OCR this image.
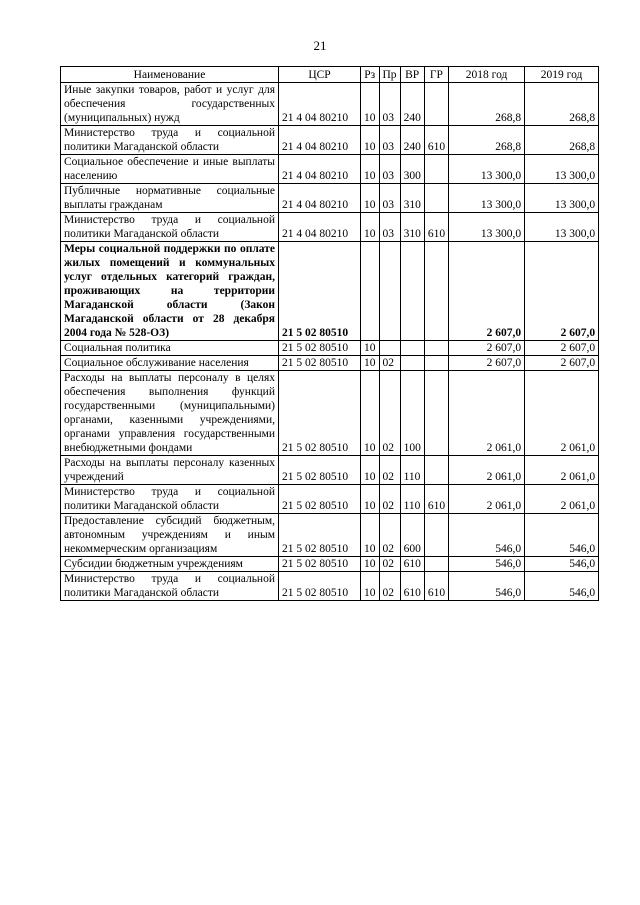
21
Наименование	ЦСР	Рз	Пр	ВР	ГР	2018 год	2019 год
Иные закупки товаров, работ и услуг для обеспечения государственных (муниципальных) нужд	21 4 04 80210	10	03	240		268,8	268,8
Министерство труда и социальной политики Магаданской области	21 4 04 80210	10	03	240	610	268,8	268,8
Социальное обеспечение и иные выплаты населению	21 4 04 80210	10	03	300		13 300,0	13 300,0
Публичные нормативные социальные выплаты гражданам	21 4 04 80210	10	03	310		13 300,0	13 300,0
Министерство труда и социальной политики Магаданской области	21 4 04 80210	10	03	310	610	13 300,0	13 300,0
Меры социальной поддержки по оплате жилых помещений и коммунальных услуг отдельных категорий граждан, проживающих на территории Магаданской области (Закон Магаданской области от 28 декабря 2004 года № 528-ОЗ)	21 5 02 80510					2 607,0	2 607,0
Социальная политика	21 5 02 80510	10				2 607,0	2 607,0
Социальное обслуживание населения	21 5 02 80510	10	02			2 607,0	2 607,0
Расходы на выплаты персоналу в целях обеспечения выполнения функций государственными (муниципальными) органами, казенными учреждениями, органами управления государственными внебюджетными фондами	21 5 02 80510	10	02	100		2 061,0	2 061,0
Расходы на выплаты персоналу казенных учреждений	21 5 02 80510	10	02	110		2 061,0	2 061,0
Министерство труда и социальной политики Магаданской области	21 5 02 80510	10	02	110	610	2 061,0	2 061,0
Предоставление субсидий бюджетным, автономным учреждениям и иным некоммерческим организациям	21 5 02 80510	10	02	600		546,0	546,0
Субсидии бюджетным учреждениям	21 5 02 80510	10	02	610		546,0	546,0
Министерство труда и социальной политики Магаданской области	21 5 02 80510	10	02	610	610	546,0	546,0
